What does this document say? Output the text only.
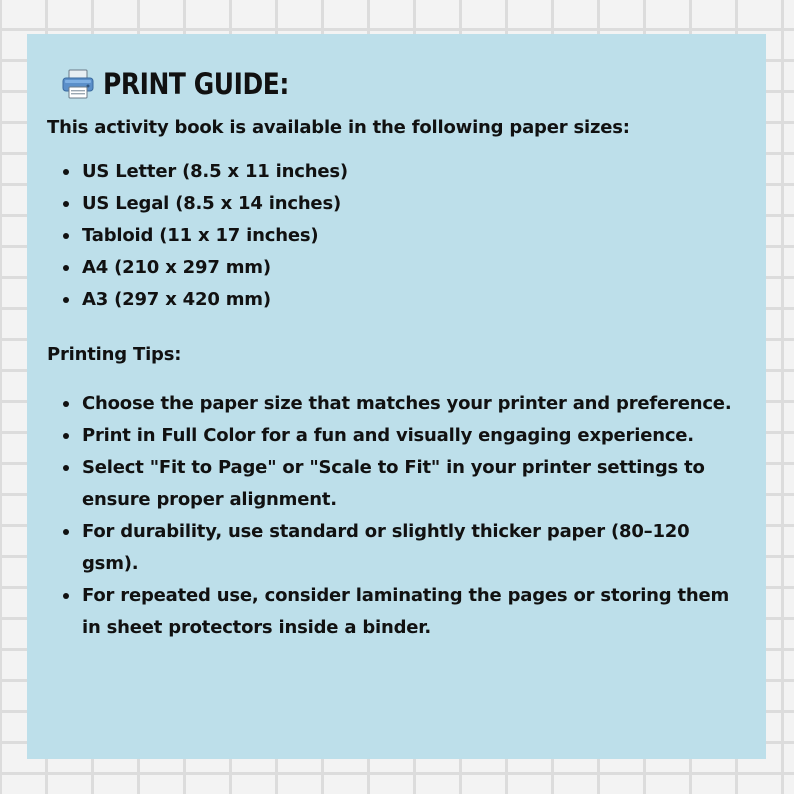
PRINT GUIDE:
This activity book is available in the following paper sizes:
US Letter (8.5 x 11 inches)
US Legal (8.5 x 14 inches)
Tabloid (11 x 17 inches)
A4 (210 x 297 mm)
A3 (297 x 420 mm)
Printing Tips:
Choose the paper size that matches your printer and preference.
Print in Full Color for a fun and visually engaging experience.
Select "Fit to Page" or "Scale to Fit" in your printer settings to ensure proper alignment.
For durability, use standard or slightly thicker paper (80–120 gsm).
For repeated use, consider laminating the pages or storing them in sheet protectors inside a binder.
